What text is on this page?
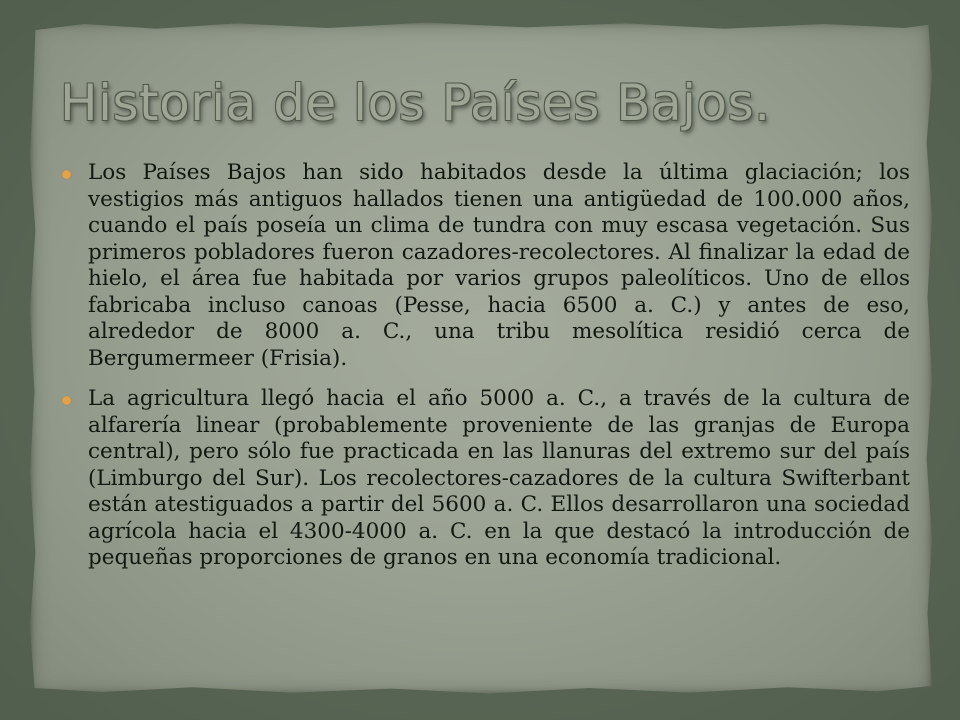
Historia de los Países Bajos.
Los Países Bajos han sido habitados desde la última glaciación; los vestigios más antiguos hallados tienen una antigüedad de 100.000 años, cuando el país poseía un clima de tundra con muy escasa vegetación. Sus primeros pobladores fueron cazadores-recolectores. Al finalizar la edad de hielo, el área fue habitada por varios grupos paleolíticos. Uno de ellos fabricaba incluso canoas (Pesse, hacia 6500 a. C.) y antes de eso, alrededor de 8000 a. C., una tribu mesolítica residió cerca de Bergumermeer (Frisia).
La agricultura llegó hacia el año 5000 a. C., a través de la cultura de alfarería linear (probablemente proveniente de las granjas de Europa central), pero sólo fue practicada en las llanuras del extremo sur del país (Limburgo del Sur). Los recolectores-cazadores de la cultura Swifterbant están atestiguados a partir del 5600 a. C. Ellos desarrollaron una sociedad agrícola hacia el 4300-4000 a. C. en la que destacó la introducción de pequeñas proporciones de granos en una economía tradicional.
